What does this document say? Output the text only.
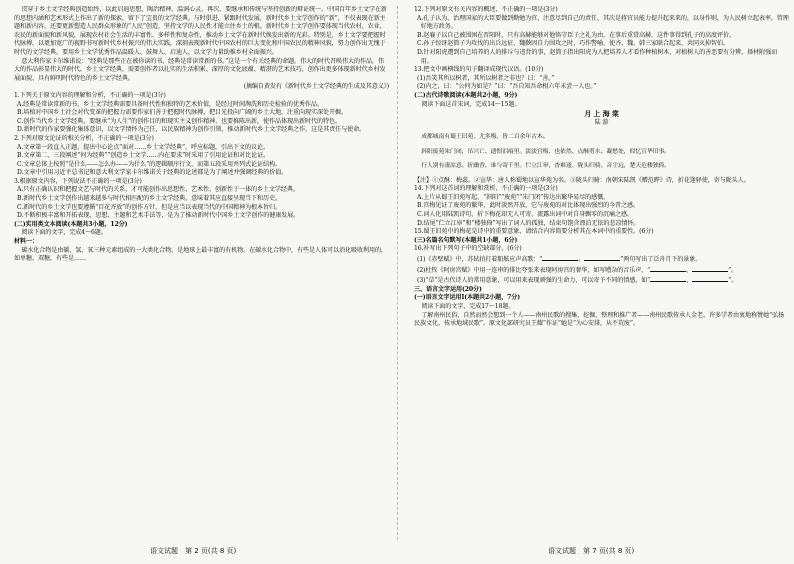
贯穿于乡土文学经典创造始终，以此启迪思想、陶冶精神、温润心灵。再次，要继承和传统与坚持创新的辩证统一。中国百年乡土文学在新的思想内涵和艺术形式上作出了新的探索，留下了宝贵的文学经典。与时俱进、紧跟时代发展，新时代乡土文学创作的“新”，不仅表现在新主题和新内容，还要更新塑造人民群众形象的“人民”创造，坚持文学的人民性才能立住乡土的根。新时代乡土文学创作要体现当代农村、农业、农民的新面貌和新风貌，展现农村社会生活的丰富性、多样性和复杂性，推动乡土文学在新时代焕发出新的光彩。特别是，乡土文学要把握时代脉搏，以更加宽广的视野书写新时代乡村振兴的伟大实践，深刻表现新时代中国农村的巨大变化和中国农民的精神风貌，努力创作出无愧于时代的文学经典。要用乡土文学优秀作品温暖人、鼓舞人、启迪人，以文学力量助推乡村全面振兴。

意大利作家卡尔维诺说：“经典是那些正在被你读的书，经典是常读常新的书。”这是一个有关经典的命题。伟大的时代召唤伟大的作品，伟大的作品彰显伟大的时代。乡土文学经典，需要创作者以扎实的生活积累、深厚的文化底蕴、精湛的艺术技巧，创作出更多体现新时代乡村发展面貌、具有鲜明时代特色的乡土文学经典。

(摘编自黄发有《新时代乡土文学经典的生成及其意义》)

1.下列关于原文内容的理解和分析，不正确的一项是(3分)

A.经典是常读常新的书，乡土文学经典需要具备时代性和独特的艺术价值，是经过时间淘洗和历史检验的优秀作品。

B.培植对中国乡土社会对代变革的把握力需要作家们善于把握时代脉搏，把目光投向广阔的乡土大地，注重向现实深处开掘。

C.创作当代乡土文学经典，要继承“为人生”的创作目的和现实主义创作精神，也要推陈出新，使作品体现出新时代的特色。

D.新时代的作家要强化集体意识，以文学情怀为己任，以民族精神为创作引领，推动新时代乡土文学经典之作，这是其责任与使命。

2.下列对原文论证的相关分析，不正确的一项是(3分)

A.文章第一段直入正题，提出中心论点“面对……乡土文学经典”，呼应标题，引出下文的议论。

B.文章第二、三段阐述“何为经典”“创造乡土文学……内在要求”时采用了引用论证和对比论证。

C.文章总体上按照“是什么——怎么办——为什么”的逻辑顺序行文，而第五段采用并列式论证结构。

D.文章中引用习近平总书记和意大利文学家卡尔维诺关于经典的论述都是为了阐述并强调经典的价值。

3.根据原文内容，下列说法不正确的一项是(3分)

A.只有正确认识和把握文艺与时代的关系，才可能创作出思想性、艺术性、创新性于一体的乡土文学经典。

B.新时代乡土文学创作出越来越多与时代相匹配的乡土文学经典，意味着其应直接呈现当下和历史。

C.新时代的乡土文学也要遵循“百花齐放”的创作方针，但是应当以表现当代的中国精神为根本旨归。

D.不断积极丰富和开拓表现，思想、主题和艺术手法等，是为了推动新时代中国乡土文学创作的健康发展。

(二)实用类文本阅读(本题共3小题，12分)

阅读下面的文字，完成4～6题。

材料一：

碳水化合物是由碳、氢、氧三种元素组成的一大类化合物，是地球上最丰富的有机物。在碳水化合物中，有些是人体可以消化吸收利用的，如单糖、双糖，有些是……

12.下列对原文有关内容的概述，不正确的一项是(3分)

A.孔子认为，治理国家的大臣要做到勤勉为官，注意尽到自己的责任，其次是将官员能力提升起来来的，以身作则，为人民树立起表率，管理好地方政务。

B.赵襄子以自己被围困在晋阳时，只有高赫能够对他恪守臣子之礼为由，在事后重赏高赫，这件事得到孔子的高度评价。

C.孙子惊讶赵简子为攻伐的出兵远征，魏鞅因自力围攻之时，巧作警喻，使齐、魏、韩三家联合起来，共同灭掉智伯。

D.针对阳虎遭到自己培养的人的排斥与违背的事，赵简子指出阳虎为人把培养人才看作种植树木，对植树人的善恶要有分辨，择材附强而用。

13.把文中画横线的句子翻译成现代汉语。(10分)

(1)吾笑其所以树者，其所以树者之非也？曰：“善。”

(2)内之，曰：“公何为如是？”曰：“吾自知吾命相六年未尝一人也。”

(二)古代诗歌阅读(本题共2小题，9分)

阅读下面这首宋词，完成14～15题。

月 上 海 棠

陆 游

成都城南有蜀王旧苑，尤多梅，皆二百余年古木。

斜阳废苑朱门闭，吊兴亡、遗恨泪痕里。淡淡宫梅，也依然、点酥剪水。凝愁处，似忆宣华旧事。

行人别有凄凉意。折幽香、谁与寄千里。伫立江皋，杳难逢、陇头归骑。音尘远，楚天危楼独倚。

【注】①点酥：梅蕊。②宣华：唐人称蜀地以宣华苑为名。③陇头归骑：南朝宋陆凯《赠范晔》诗，折花逢驿使，寄与陇头人。

14.下列对这首词的理解和赏析，不正确的一项是(3分)

A.上片从蜀王旧苑写起，“斜阳”“废苑”“朱门闭”传达出繁华易尽的感慨。

B.宫梅见证了废苑的繁华，此时淡然开放，它与废苑的对比体现出强烈的今昔之感。

C.词人化用陆凯诗句，折下梅花却无人可寄，流露出词中对自身飘零的沉痛之感。

D.结尾“伫立江皋”和“楼独倚”写出了词人的孤独，结束句饱含漂泊无依的悲凉情怀。

15.蜀王旧苑中的梅花是诗中的重要意象，请结合内容简要分析其在本词中的重要性。(6分)

(三)名篇名句默写(本题共1小题，6分)

16.补写出下列句子中的空缺部分。(6分)

(1)《赤壁赋》中，苏轼拍打着船舷应声高歌：“	，	”两句写出了泛舟月下的景象。

(2)杜牧《阿房宫赋》中用一连串的排比夸张来表现阿房宫的奢华，如写嘈杂的音乐声，“	，	”。

(3)“草”是古代诗人的常用意象，可以用来表现顽强的生命力，可以寄予不同的情感，如“	，	”。

三、语言文字运用(20分)

(一)语言文字运用Ⅰ(本题共2小题，7分)

阅读下面的文字，完成17～18题。

了解南州民俗，自然而然会想到一个人——南州民歌的搜集、挖掘、整理和推广者——南州民歌传承人金老。许多学者由衷地称赞她“弘扬民族文化，传承地域民歌”。原文化部研究员王耀“作证”她是“为心安排，从不荒废”。

语文试题　第 2 页(共 8 页)	语文试题　第 7 页(共 8 页)
